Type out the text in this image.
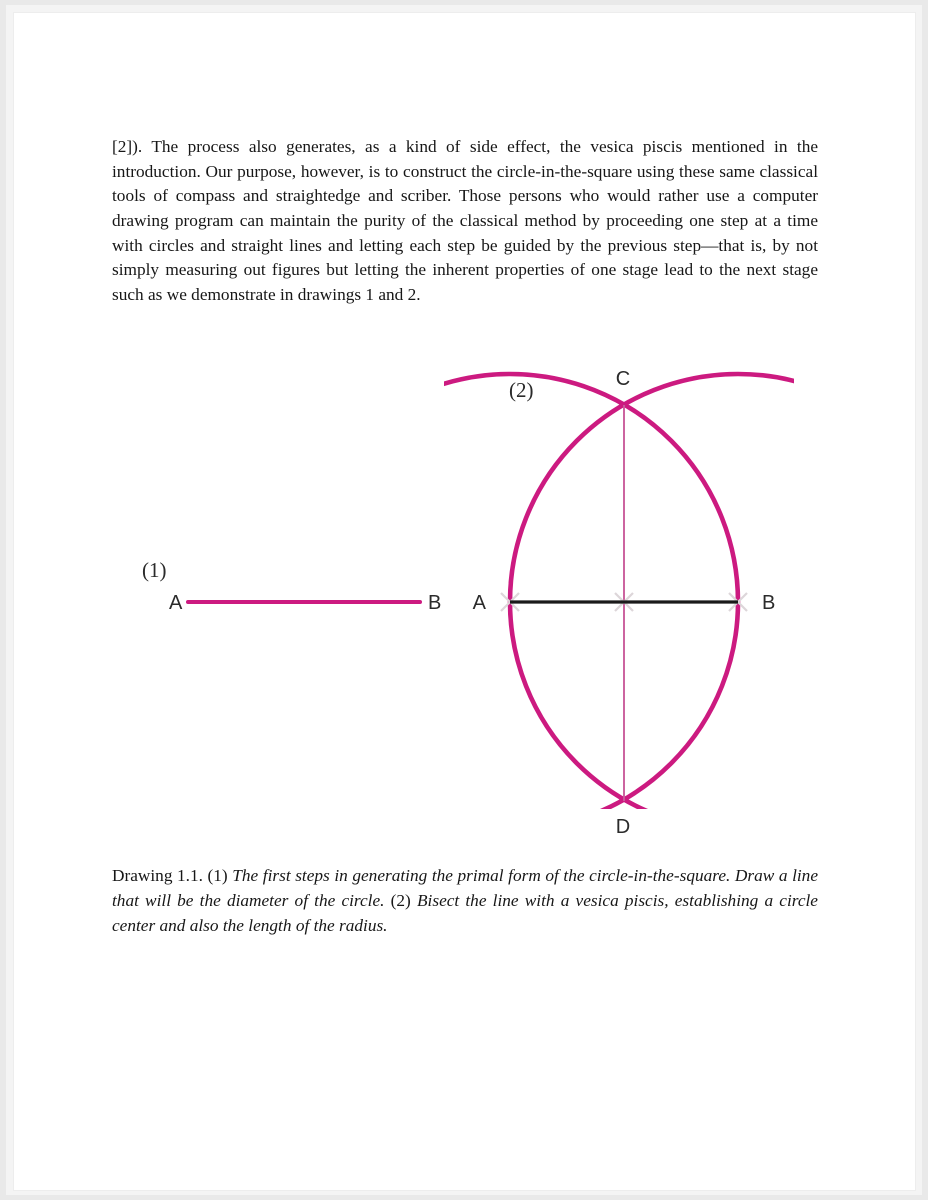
[2]). The process also generates, as a kind of side effect, the vesica piscis mentioned in the introduction. Our purpose, however, is to construct the circle-in-the-square using these same classical tools of compass and straightedge and scriber. Those persons who would rather use a computer drawing program can maintain the purity of the classical method by proceeding one step at a time with circles and straight lines and letting each step be guided by the previous step—that is, by not simply measuring out figures but letting the inherent properties of one stage lead to the next stage such as we demonstrate in drawings 1 and 2.

(1)
A	B
(2)	C
A	B
D

Drawing 1.1. (1) The first steps in generating the primal form of the circle-in-the-square. Draw a line that will be the diameter of the circle. (2) Bisect the line with a vesica piscis, establishing a circle center and also the length of the radius.
